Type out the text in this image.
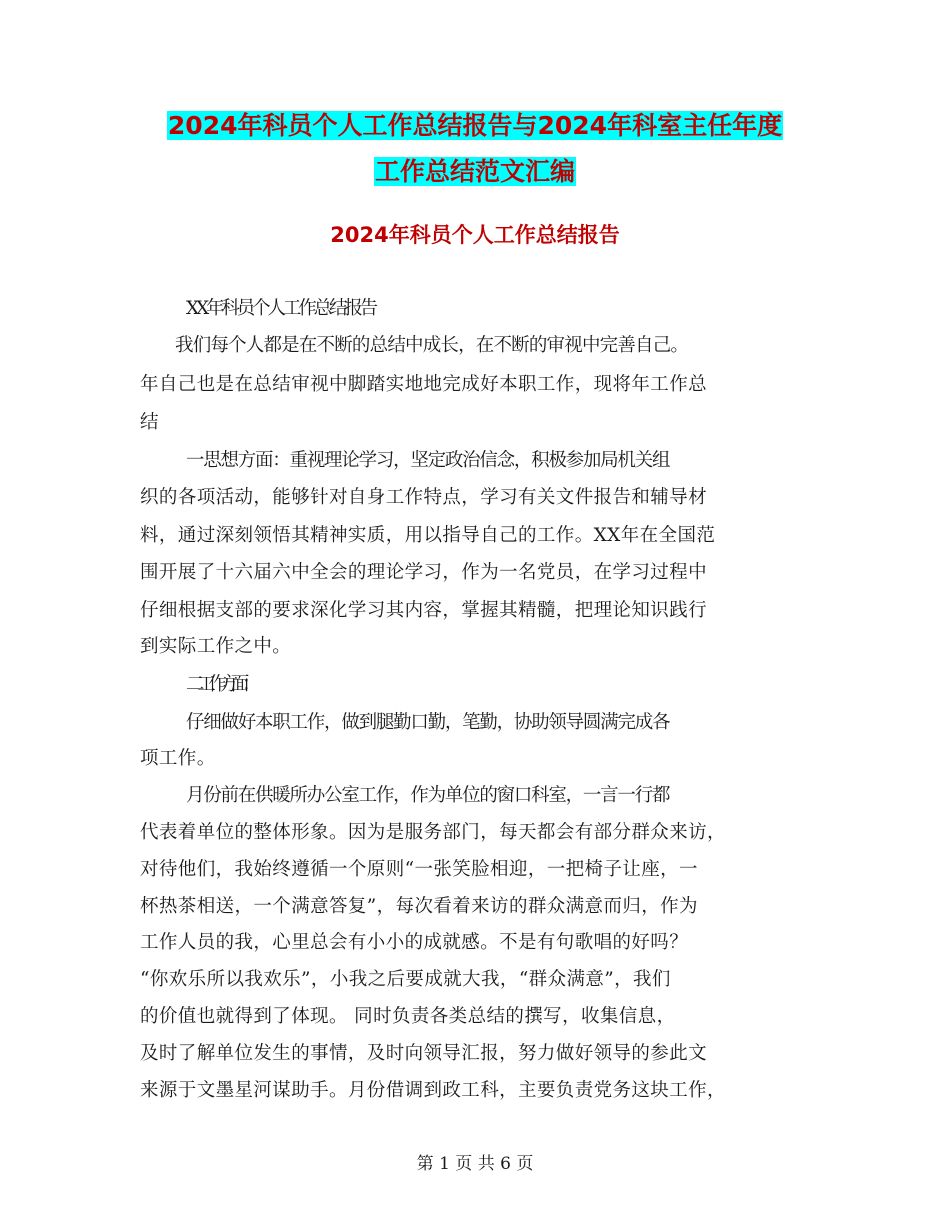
2024年科员个人工作总结报告与2024年科室主任年度
工作总结范文汇编
2024年科员个人工作总结报告
XX年科员个人工作总结报告
我们每个人都是在不断的总结中成长，在不断的审视中完善自己。
年自己也是在总结审视中脚踏实地地完成好本职工作，现将年工作总
结
一思想方面：重视理论学习，坚定政治信念，积极参加局机关组
织的各项活动，能够针对自身工作特点，学习有关文件报告和辅导材
料，通过深刻领悟其精神实质，用以指导自己的工作。XX年在全国范
围开展了十六届六中全会的理论学习，作为一名党员，在学习过程中
仔细根据支部的要求深化学习其内容，掌握其精髓，把理论知识践行
到实际工作之中。
二工作方面：
仔细做好本职工作，做到腿勤口勤，笔勤，协助领导圆满完成各
项工作。
月份前在供暖所办公室工作，作为单位的窗口科室，一言一行都
代表着单位的整体形象。因为是服务部门，每天都会有部分群众来访，
对待他们，我始终遵循一个原则“一张笑脸相迎，一把椅子让座，一
杯热茶相送，一个满意答复”，每次看着来访的群众满意而归，作为
工作人员的我，心里总会有小小的成就感。不是有句歌唱的好吗？
“你欢乐所以我欢乐”，小我之后要成就大我，“群众满意”，我们
的价值也就得到了体现。 同时负责各类总结的撰写，收集信息，
及时了解单位发生的事情，及时向领导汇报，努力做好领导的参此文
来源于文墨星河谋助手。月份借调到政工科，主要负责党务这块工作，
第 1 页 共 6 页
